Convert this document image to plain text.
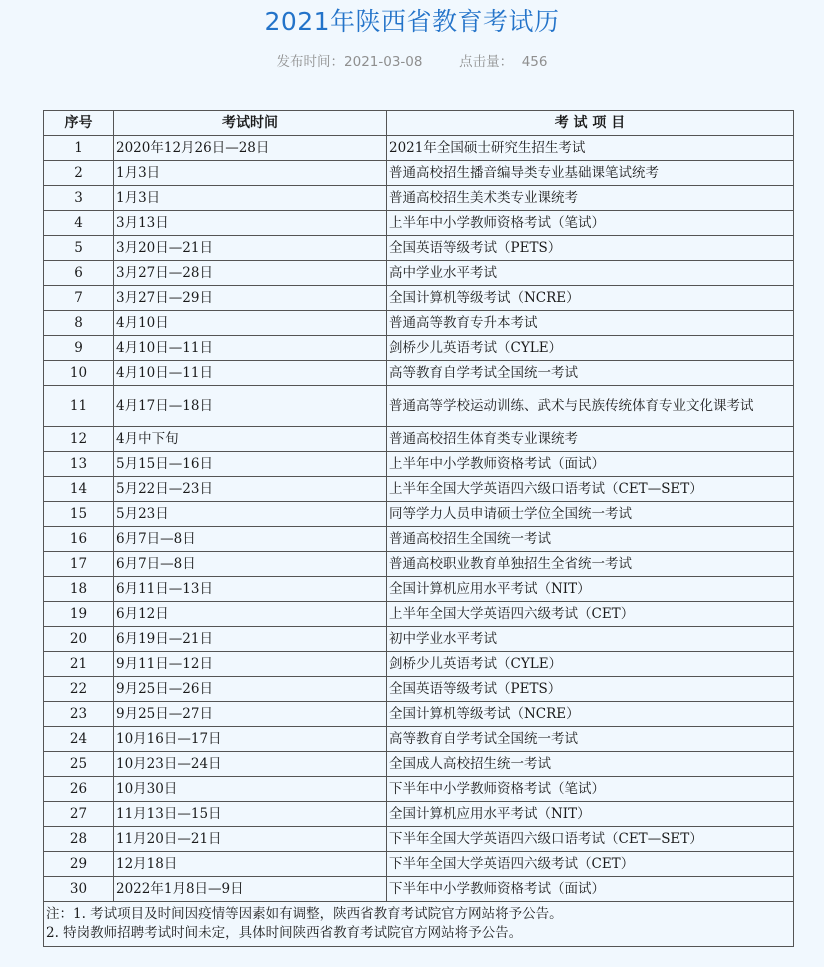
2021年陕西省教育考试历
发布时间：2021-03-08	点击量： 456
序号	考试时间	考 试 项 目
1	2020年12月26日—28日	2021年全国硕士研究生招生考试
2	1月3日	普通高校招生播音编导类专业基础课笔试统考
3	1月3日	普通高校招生美术类专业课统考
4	3月13日	上半年中小学教师资格考试（笔试）
5	3月20日—21日	全国英语等级考试（PETS）
6	3月27日—28日	高中学业水平考试
7	3月27日—29日	全国计算机等级考试（NCRE）
8	4月10日	普通高等教育专升本考试
9	4月10日—11日	剑桥少儿英语考试（CYLE）
10	4月10日—11日	高等教育自学考试全国统一考试
11	4月17日—18日	普通高等学校运动训练、武术与民族传统体育专业文化课考试
12	4月中下旬	普通高校招生体育类专业课统考
13	5月15日—16日	上半年中小学教师资格考试（面试）
14	5月22日—23日	上半年全国大学英语四六级口语考试（CET—SET）
15	5月23日	同等学力人员申请硕士学位全国统一考试
16	6月7日—8日	普通高校招生全国统一考试
17	6月7日—8日	普通高校职业教育单独招生全省统一考试
18	6月11日—13日	全国计算机应用水平考试（NIT）
19	6月12日	上半年全国大学英语四六级考试（CET）
20	6月19日—21日	初中学业水平考试
21	9月11日—12日	剑桥少儿英语考试（CYLE）
22	9月25日—26日	全国英语等级考试（PETS）
23	9月25日—27日	全国计算机等级考试（NCRE）
24	10月16日—17日	高等教育自学考试全国统一考试
25	10月23日—24日	全国成人高校招生统一考试
26	10月30日	下半年中小学教师资格考试（笔试）
27	11月13日—15日	全国计算机应用水平考试（NIT）
28	11月20日—21日	下半年全国大学英语四六级口语考试（CET—SET）
29	12月18日	下半年全国大学英语四六级考试（CET）
30	2022年1月8日—9日	下半年中小学教师资格考试（面试）

注：1. 考试项目及时间因疫情等因素如有调整，陕西省教育考试院官方网站将予公告。
2. 特岗教师招聘考试时间未定，具体时间陕西省教育考试院官方网站将予公告。		
